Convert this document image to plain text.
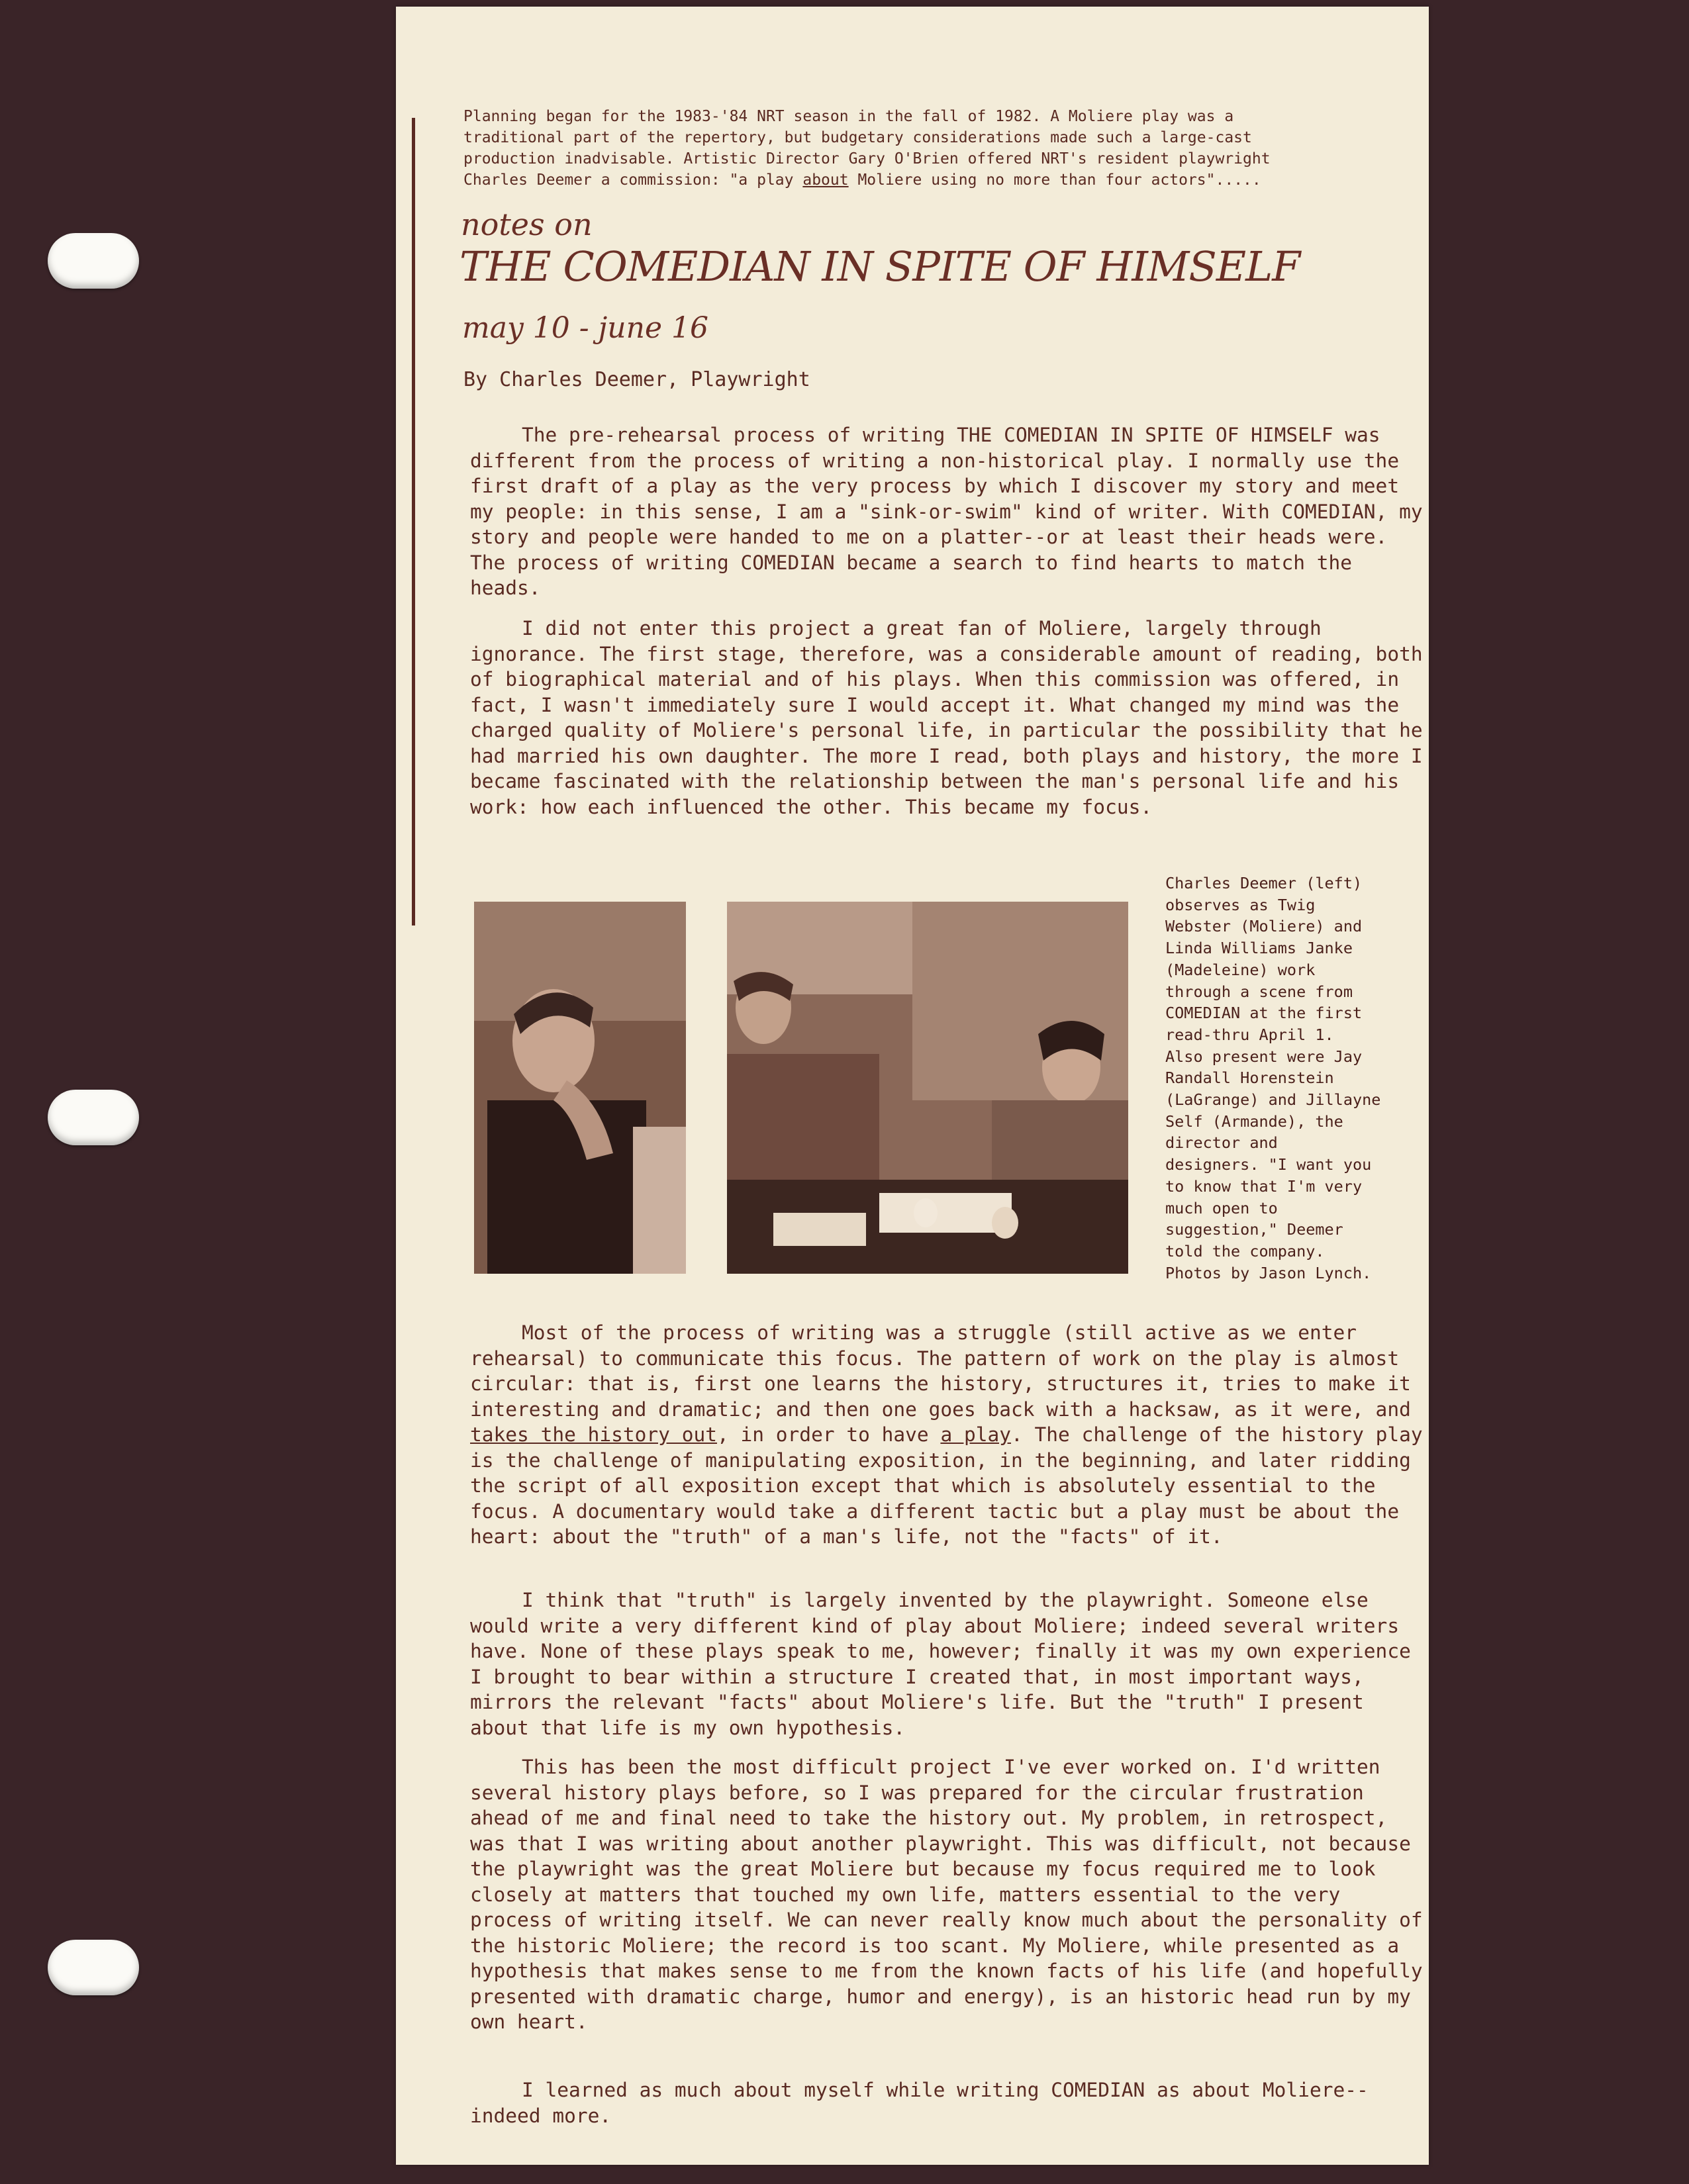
Planning began for the 1983-'84 NRT season in the fall of 1982. A Moliere play was a
traditional part of the repertory, but budgetary considerations made such a large-cast
production inadvisable. Artistic Director Gary O'Brien offered NRT's resident playwright
Charles Deemer a commission: "a play about Moliere using no more than four actors".....

notes on
THE COMEDIAN IN SPITE OF HIMSELF
may 10 - june 16
By Charles Deemer, Playwright

The pre-rehearsal process of writing THE COMEDIAN IN SPITE OF HIMSELF was different from the process of writing a non-historical play. I normally use the first draft of a play as the very process by which I discover my story and meet my people: in this sense, I am a "sink-or-swim" kind of writer. With COMEDIAN, my story and people were handed to me on a platter--or at least their heads were. The process of writing COMEDIAN became a search to find hearts to match the heads.

I did not enter this project a great fan of Moliere, largely through ignorance. The first stage, therefore, was a considerable amount of reading, both of biographical material and of his plays. When this commission was offered, in fact, I wasn't immediately sure I would accept it. What changed my mind was the charged quality of Moliere's personal life, in particular the possibility that he had married his own daughter. The more I read, both plays and history, the more I became fascinated with the relationship between the man's personal life and his work: how each influenced the other. This became my focus.

Charles Deemer (left)
observes as Twig
Webster (Moliere) and
Linda Williams Janke
(Madeleine) work
through a scene from
COMEDIAN at the first
read-thru April 1.
Also present were Jay
Randall Horenstein
(LaGrange) and Jillayne
Self (Armande), the
director and
designers. "I want you
to know that I'm very
much open to
suggestion," Deemer
told the company.
Photos by Jason Lynch.

Most of the process of writing was a struggle (still active as we enter rehearsal) to communicate this focus. The pattern of work on the play is almost circular: that is, first one learns the history, structures it, tries to make it interesting and dramatic; and then one goes back with a hacksaw, as it were, and takes the history out, in order to have a play. The challenge of the history play is the challenge of manipulating exposition, in the beginning, and later ridding the script of all exposition except that which is absolutely essential to the focus. A documentary would take a different tactic but a play must be about the heart: about the "truth" of a man's life, not the "facts" of it.

I think that "truth" is largely invented by the playwright. Someone else would write a very different kind of play about Moliere; indeed several writers have. None of these plays speak to me, however; finally it was my own experience I brought to bear within a structure I created that, in most important ways, mirrors the relevant "facts" about Moliere's life. But the "truth" I present about that life is my own hypothesis.

This has been the most difficult project I've ever worked on. I'd written several history plays before, so I was prepared for the circular frustration ahead of me and final need to take the history out. My problem, in retrospect, was that I was writing about another playwright. This was difficult, not because the playwright was the great Moliere but because my focus required me to look closely at matters that touched my own life, matters essential to the very process of writing itself. We can never really know much about the personality of the historic Moliere; the record is too scant. My Moliere, while presented as a hypothesis that makes sense to me from the known facts of his life (and hopefully presented with dramatic charge, humor and energy), is an historic head run by my own heart.

I learned as much about myself while writing COMEDIAN as about Moliere--indeed more.
